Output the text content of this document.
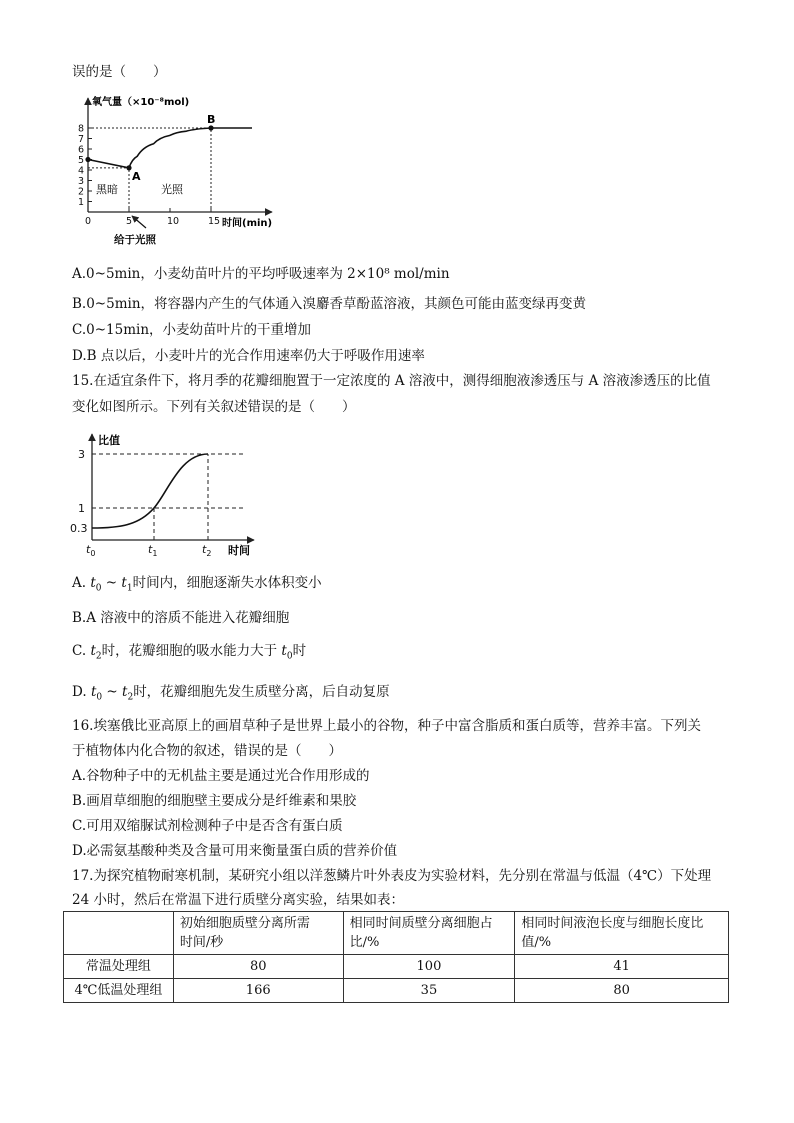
误的是（　　）
1
2
3
4
5
6
7
8
0	5	10	15
氧气量（×10⁻⁸mol)
时间(min)
黑暗	光照
A
B
给于光照
A.0~5min，小麦幼苗叶片的平均呼吸速率为 2×10⁸ mol/min
B.0~5min，将容器内产生的气体通入溴麝香草酚蓝溶液，其颜色可能由蓝变绿再变黄
C.0~15min，小麦幼苗叶片的干重增加
D.B 点以后，小麦叶片的光合作用速率仍大于呼吸作用速率
15.在适宜条件下，将月季的花瓣细胞置于一定浓度的 A 溶液中，测得细胞液渗透压与 A 溶液渗透压的比值
变化如图所示。下列有关叙述错误的是（　　）
0.3
1
3
$t_0$	$t_1$	$t_2$
比值
时间
A. $t_0$ ~ $t_1$时间内，细胞逐渐失水体积变小
B.A 溶液中的溶质不能进入花瓣细胞
C. $t_2$时，花瓣细胞的吸水能力大于 $t_0$时
D. $t_0$ ~ $t_2$时，花瓣细胞先发生质壁分离，后自动复原
16.埃塞俄比亚高原上的画眉草种子是世界上最小的谷物，种子中富含脂质和蛋白质等，营养丰富。下列关
于植物体内化合物的叙述，错误的是（　　）
A.谷物种子中的无机盐主要是通过光合作用形成的
B.画眉草细胞的细胞壁主要成分是纤维素和果胶
C.可用双缩脲试剂检测种子中是否含有蛋白质
D.必需氨基酸种类及含量可用来衡量蛋白质的营养价值
17.为探究植物耐寒机制，某研究小组以洋葱鳞片叶外表皮为实验材料，先分别在常温与低温（4℃）下处理
24 小时，然后在常温下进行质壁分离实验，结果如表：
	初始细胞质壁分离所需
时间/秒	相同时间质壁分离细胞占
比/%	相同时间液泡长度与细胞长度比
值/%
常温处理组	80	100	41
4℃低温处理组	166	35	80
